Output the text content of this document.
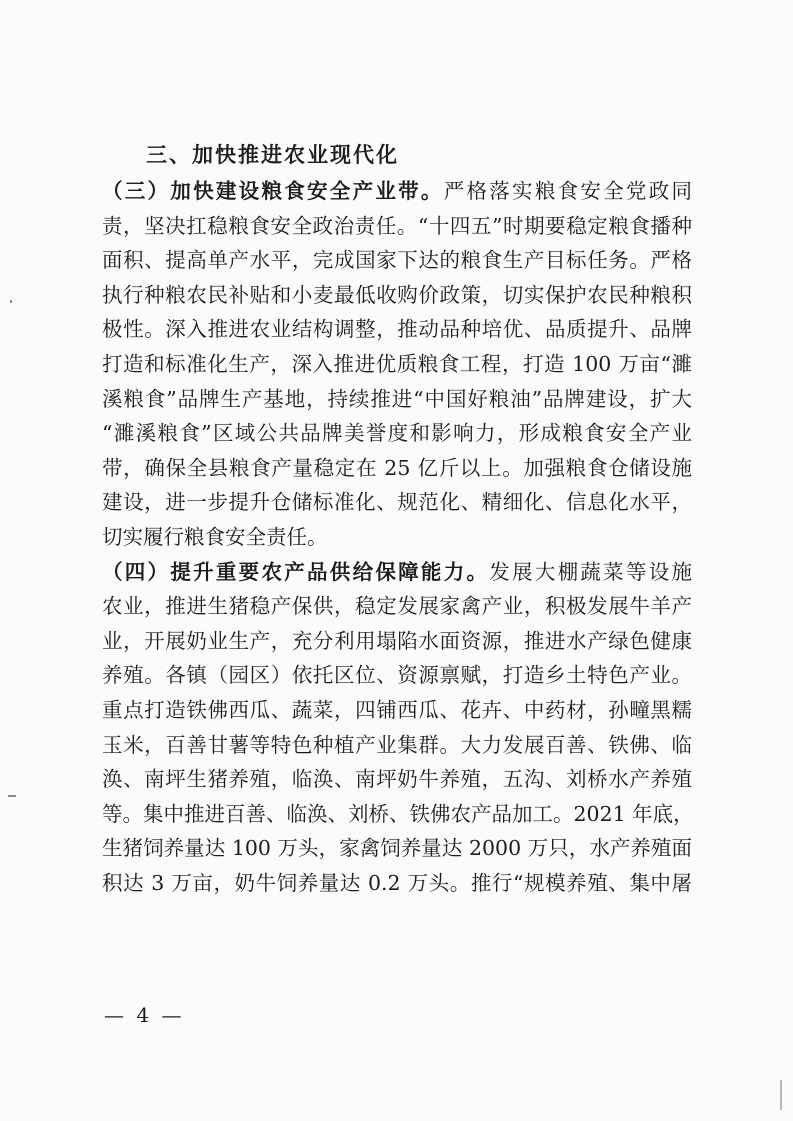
三、加快推进农业现代化
（三）加快建设粮食安全产业带。严格落实粮食安全党政同
责，坚决扛稳粮食安全政治责任。“十四五”时期要稳定粮食播种
面积、提高单产水平，完成国家下达的粮食生产目标任务。严格
执行种粮农民补贴和小麦最低收购价政策，切实保护农民种粮积
极性。深入推进农业结构调整，推动品种培优、品质提升、品牌
打造和标准化生产，深入推进优质粮食工程，打造 100 万亩“濉
溪粮食”品牌生产基地，持续推进“中国好粮油”品牌建设，扩大
“濉溪粮食”区域公共品牌美誉度和影响力，形成粮食安全产业
带，确保全县粮食产量稳定在 25 亿斤以上。加强粮食仓储设施
建设，进一步提升仓储标准化、规范化、精细化、信息化水平，
切实履行粮食安全责任。
（四）提升重要农产品供给保障能力。发展大棚蔬菜等设施
农业，推进生猪稳产保供，稳定发展家禽产业，积极发展牛羊产
业，开展奶业生产，充分利用塌陷水面资源，推进水产绿色健康
养殖。各镇（园区）依托区位、资源禀赋，打造乡土特色产业。
重点打造铁佛西瓜、蔬菜，四铺西瓜、花卉、中药材，孙疃黑糯
玉米，百善甘薯等特色种植产业集群。大力发展百善、铁佛、临
涣、南坪生猪养殖，临涣、南坪奶牛养殖，五沟、刘桥水产养殖
等。集中推进百善、临涣、刘桥、铁佛农产品加工。2021 年底，
生猪饲养量达 100 万头，家禽饲养量达 2000 万只，水产养殖面
积达 3 万亩，奶牛饲养量达 0.2 万头。推行“规模养殖、集中屠
— 4 —
